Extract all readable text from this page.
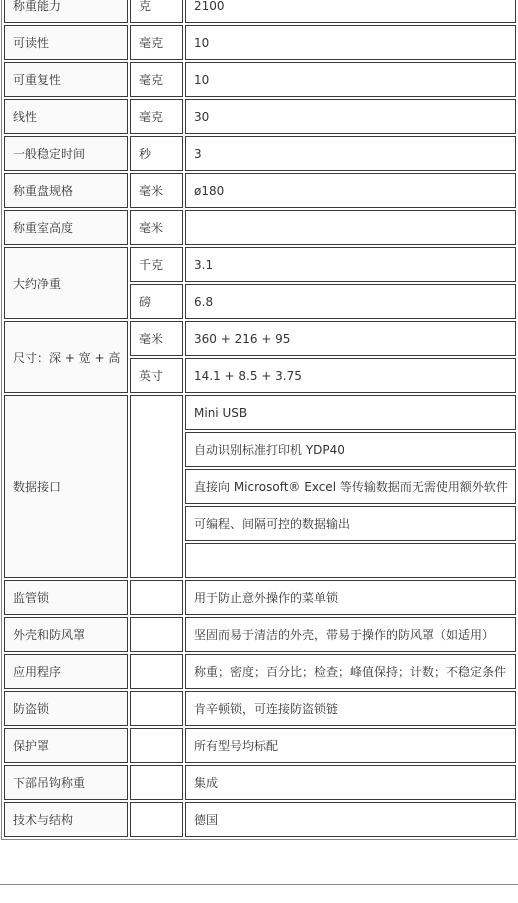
称重能力	克	2100
可读性	毫克	10
可重复性	毫克	10
线性	毫克	30
一般稳定时间	秒	3
称重盘规格	毫米	ø180
称重室高度	毫米	
大约净重	千克	3.1
	磅	6.8
尺寸：深 + 宽 + 高	毫米	360 + 216 + 95
	英寸	14.1 + 8.5 + 3.75
数据接口		Mini USB
		自动识别标准打印机 YDP40
		直接向 Microsoft® Excel 等传输数据而无需使用额外软件
		可编程、间隔可控的数据输出

监管锁		用于防止意外操作的菜单锁
外壳和防风罩		坚固而易于清洁的外壳，带易于操作的防风罩（如适用）
应用程序		称重；密度；百分比；检查；峰值保持；计数；不稳定条件
防盗锁		肯辛顿锁，可连接防盗锁链
保护罩		所有型号均标配
下部吊钩称重		集成
技术与结构		德国
